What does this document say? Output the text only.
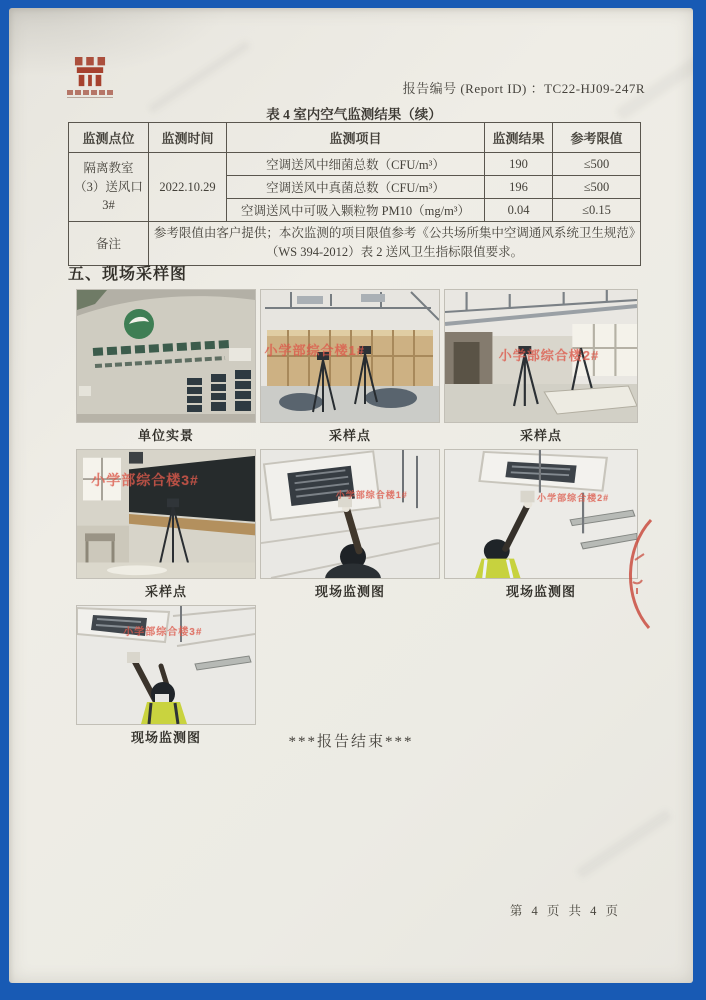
报告编号 (Report ID) ：TC22-HJ09-247R
表 4 室内空气监测结果（续）
监测点位	监测时间	监测项目	监测结果	参考限值

隔离教室
（3）送风口
3#	2022.10.29	空调送风中细菌总数（CFU/m³）	190	≤500
		空调送风中真菌总数（CFU/m³）	196	≤500
		空调送风中可吸入颗粒物 PM10（mg/m³）	0.04	≤0.15
备注	参考限值由客户提供；本次监测的项目限值参考《公共场所集中空调通风系统卫生规范》（WS 394-2012）表 2 送风卫生指标限值要求。			
五、现场采样图
单位实景
小学部综合楼1#
采样点
小学部综合楼2#
采样点
小学部综合楼3#
采样点
小学部综合楼1#
现场监测图
小学部综合楼2#
现场监测图
小学部综合楼3#
现场监测图	***报告结束***
第 4 页 共 4 页
